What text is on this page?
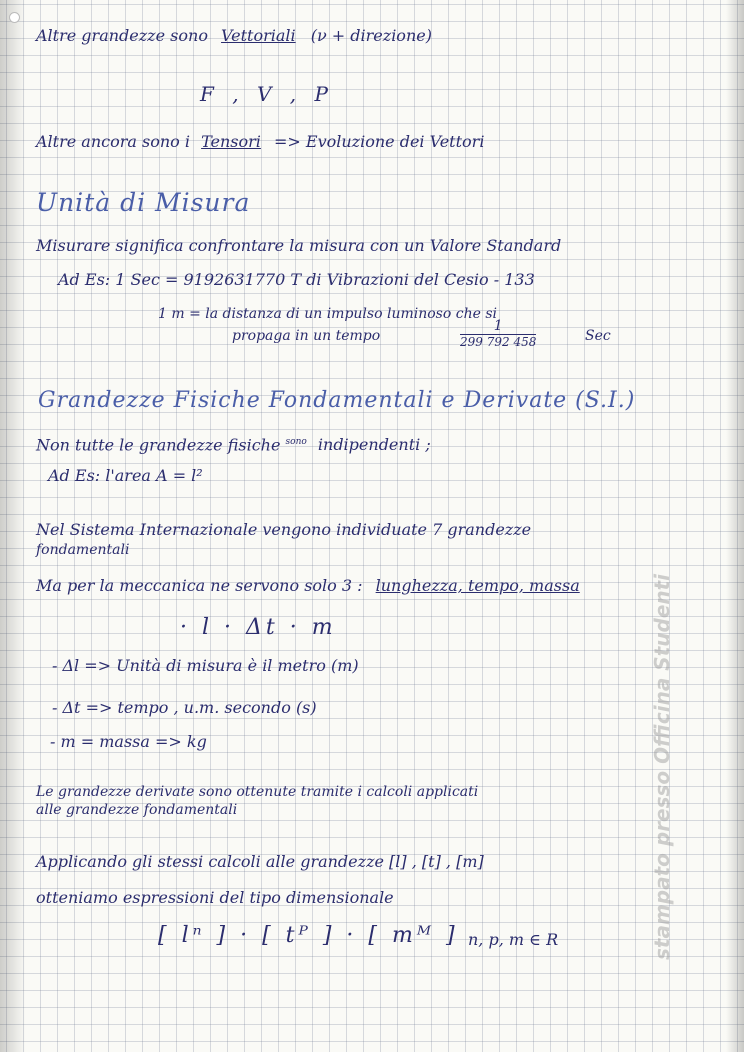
Altre grandezze sono Vettoriali (ν + direzione)
F , V , P
Altre ancora sono i Tensori => Evoluzione dei Vettori
Unità di Misura
Misurare significa confrontare la misura con un Valore Standard
Ad Es: 1 Sec = 9192631770 T di Vibrazioni del Cesio - 133
1 m = la distanza di un impulso luminoso che si
propaga in un tempo	$\frac{1}{299 792 458}$	Sec
Grandezze Fisiche Fondamentali e Derivate (S.I.)
Non tutte le grandezze fisiche $^{sono}$ indipendenti ;
Ad Es: l'area A = l²
Nel Sistema Internazionale vengono individuate 7 grandezze
fondamentali
Ma per la meccanica ne servono solo 3 : lunghezza, tempo, massa
· l · Δt · m
- Δl => Unità di misura è il metro (m)
- Δt => tempo , u.m. secondo (s)
- m = massa => kg
Le grandezze derivate sono ottenute tramite i calcoli applicati
alle grandezze fondamentali
Applicando gli stessi calcoli alle grandezze [l] , [t] , [m]
otteniamo espressioni del tipo dimensionale
[ lⁿ ] · [ tᴾ ] · [ mᴹ ] n, p, m ∈ R	stampato presso Officina Studenti
